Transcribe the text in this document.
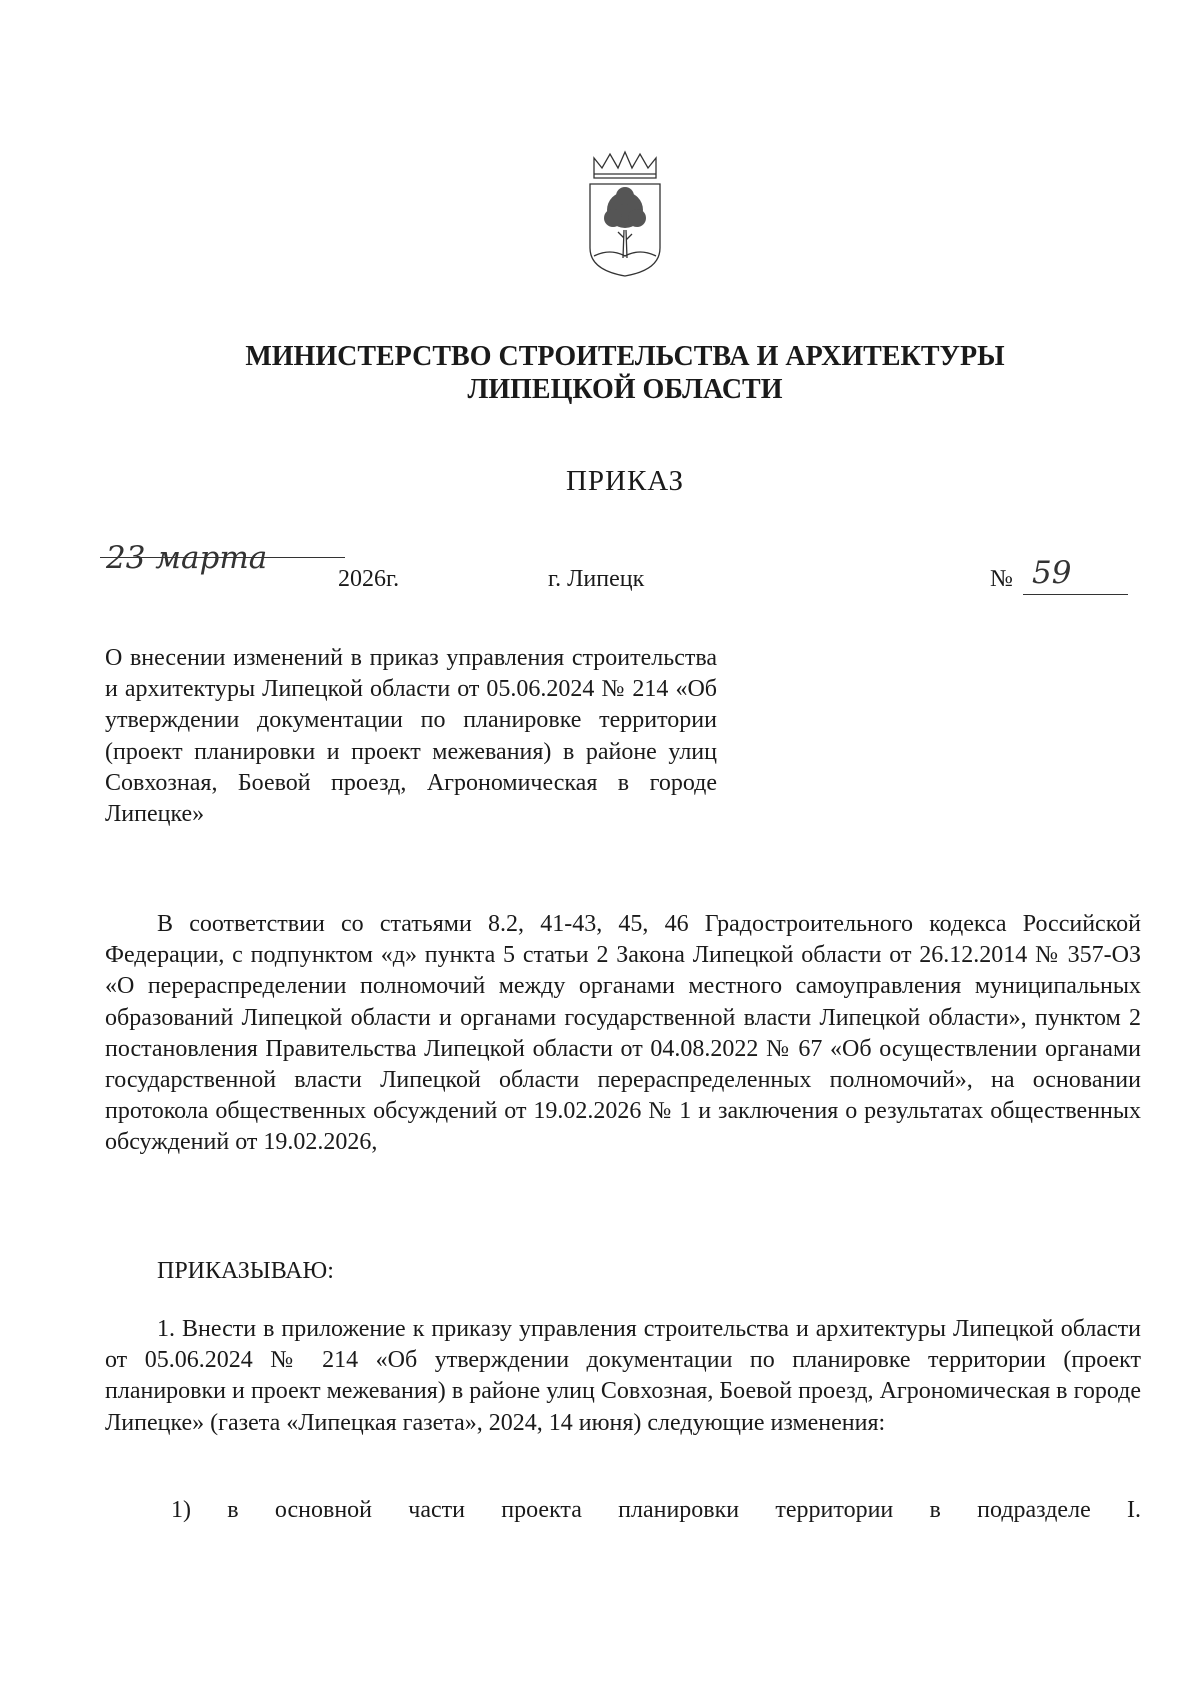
МИНИСТЕРСТВО СТРОИТЕЛЬСТВА И АРХИТЕКТУРЫ
ЛИПЕЦКОЙ ОБЛАСТИ
ПРИКАЗ
23 марта
2026г.	г. Липецк	№ 59
О внесении изменений в приказ управления строительства и архитектуры Липецкой области от 05.06.2024 № 214 «Об утверждении документации по планировке территории (проект планировки и проект межевания) в районе улиц Совхозная, Боевой проезд, Агрономическая в городе Липецке»
В соответствии со статьями 8.2, 41-43, 45, 46 Градостроительного кодекса Российской Федерации, с подпунктом «д» пункта 5 статьи 2 Закона Липецкой области от 26.12.2014 № 357-ОЗ «О перераспределении полномочий между органами местного самоуправления муниципальных образований Липецкой области и органами государственной власти Липецкой области», пунктом 2 постановления Правительства Липецкой области от 04.08.2022 № 67 «Об осуществлении органами государственной власти Липецкой области перераспределенных полномочий», на основании протокола общественных обсуждений от 19.02.2026 № 1 и заключения о результатах общественных обсуждений от 19.02.2026,
ПРИКАЗЫВАЮ:
1. Внести в приложение к приказу управления строительства и архитектуры Липецкой области от 05.06.2024 № 214 «Об утверждении документации по планировке территории (проект планировки и проект межевания) в районе улиц Совхозная, Боевой проезд, Агрономическая в городе Липецке» (газета «Липецкая газета», 2024, 14 июня) следующие изменения:
1) в основной части проекта планировки территории в подразделе I.
